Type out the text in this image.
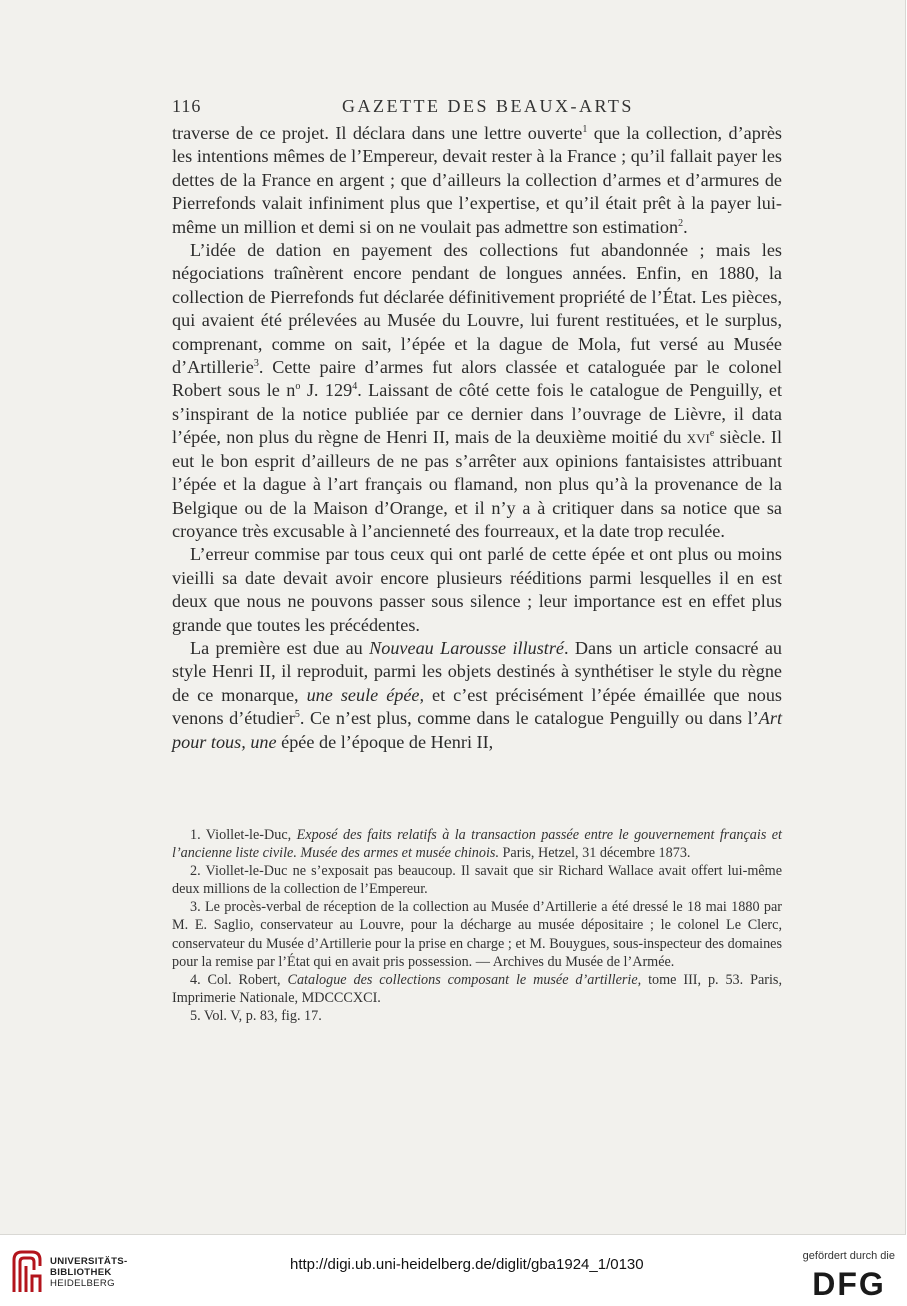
116	GAZETTE DES BEAUX-ARTS

traverse de ce projet. Il déclara dans une lettre ouverte$^1$ que la collection, d’après les intentions mêmes de l’Empereur, devait rester à la France ; qu’il fallait payer les dettes de la France en argent ; que d’ailleurs la collection d’armes et d’armures de Pierrefonds valait infiniment plus que l’expertise, et qu’il était prêt à la payer lui-même un million et demi si on ne voulait pas admettre son estimation$^2$.

L’idée de dation en payement des collections fut abandonnée ; mais les négociations traînèrent encore pendant de longues années. Enfin, en 1880, la collection de Pierrefonds fut déclarée définitivement propriété de l’État. Les pièces, qui avaient été prélevées au Musée du Louvre, lui furent restituées, et le surplus, comprenant, comme on sait, l’épée et la dague de Mola, fut versé au Musée d’Artillerie$^3$. Cette paire d’armes fut alors classée et cataloguée par le colonel Robert sous le $n^o$ J. $129^4$. Laissant de côté cette fois le catalogue de Penguilly, et s’inspirant de la notice publiée par ce dernier dans l’ouvrage de Lièvre, il data l’épée, non plus du règne de Henri II, mais de la deuxième moitié du xvi$^e$ siècle. Il eut le bon esprit d’ailleurs de ne pas s’arrêter aux opinions fantaisistes attribuant l’épée et la dague à l’art français ou flamand, non plus qu’à la provenance de la Belgique ou de la Maison d’Orange, et il n’y a à critiquer dans sa notice que sa croyance très excusable à l’ancienneté des fourreaux, et la date trop reculée.

L’erreur commise par tous ceux qui ont parlé de cette épée et ont plus ou moins vieilli sa date devait avoir encore plusieurs rééditions parmi lesquelles il en est deux que nous ne pouvons passer sous silence ; leur importance est en effet plus grande que toutes les précédentes.

La première est due au Nouveau Larousse illustré. Dans un article consacré au style Henri II, il reproduit, parmi les objets destinés à synthétiser le style du règne de ce monarque, une seule épée, et c’est précisément l’épée émaillée que nous venons d’étudier$^5$. Ce n’est plus, comme dans le catalogue Penguilly ou dans l’Art pour tous, une épée de l’époque de Henri II,

1. Viollet-le-Duc, Exposé des faits relatifs à la transaction passée entre le gouvernement français et l’ancienne liste civile. Musée des armes et musée chinois. Paris, Hetzel, 31 décembre 1873.

2. Viollet-le-Duc ne s’exposait pas beaucoup. Il savait que sir Richard Wallace avait offert lui-même deux millions de la collection de l’Empereur.

3. Le procès-verbal de réception de la collection au Musée d’Artillerie a été dressé le 18 mai 1880 par M. E. Saglio, conservateur au Louvre, pour la décharge au musée dépositaire ; le colonel Le Clerc, conservateur du Musée d’Artillerie pour la prise en charge ; et M. Bouygues, sous-inspecteur des domaines pour la remise par l’État qui en avait pris possession. — Archives du Musée de l’Armée.

4. Col. Robert, Catalogue des collections composant le musée d’artillerie, tome III, p. 53. Paris, Imprimerie Nationale, MDCCCXCI.

5. Vol. V, p. 83, fig. 17.

UNIVERSITÄTS-
BIBLIOTHEK
HEIDELBERG
http://digi.ub.uni-heidelberg.de/diglit/gba1924_1/0130	gefördert durch die
DFG
